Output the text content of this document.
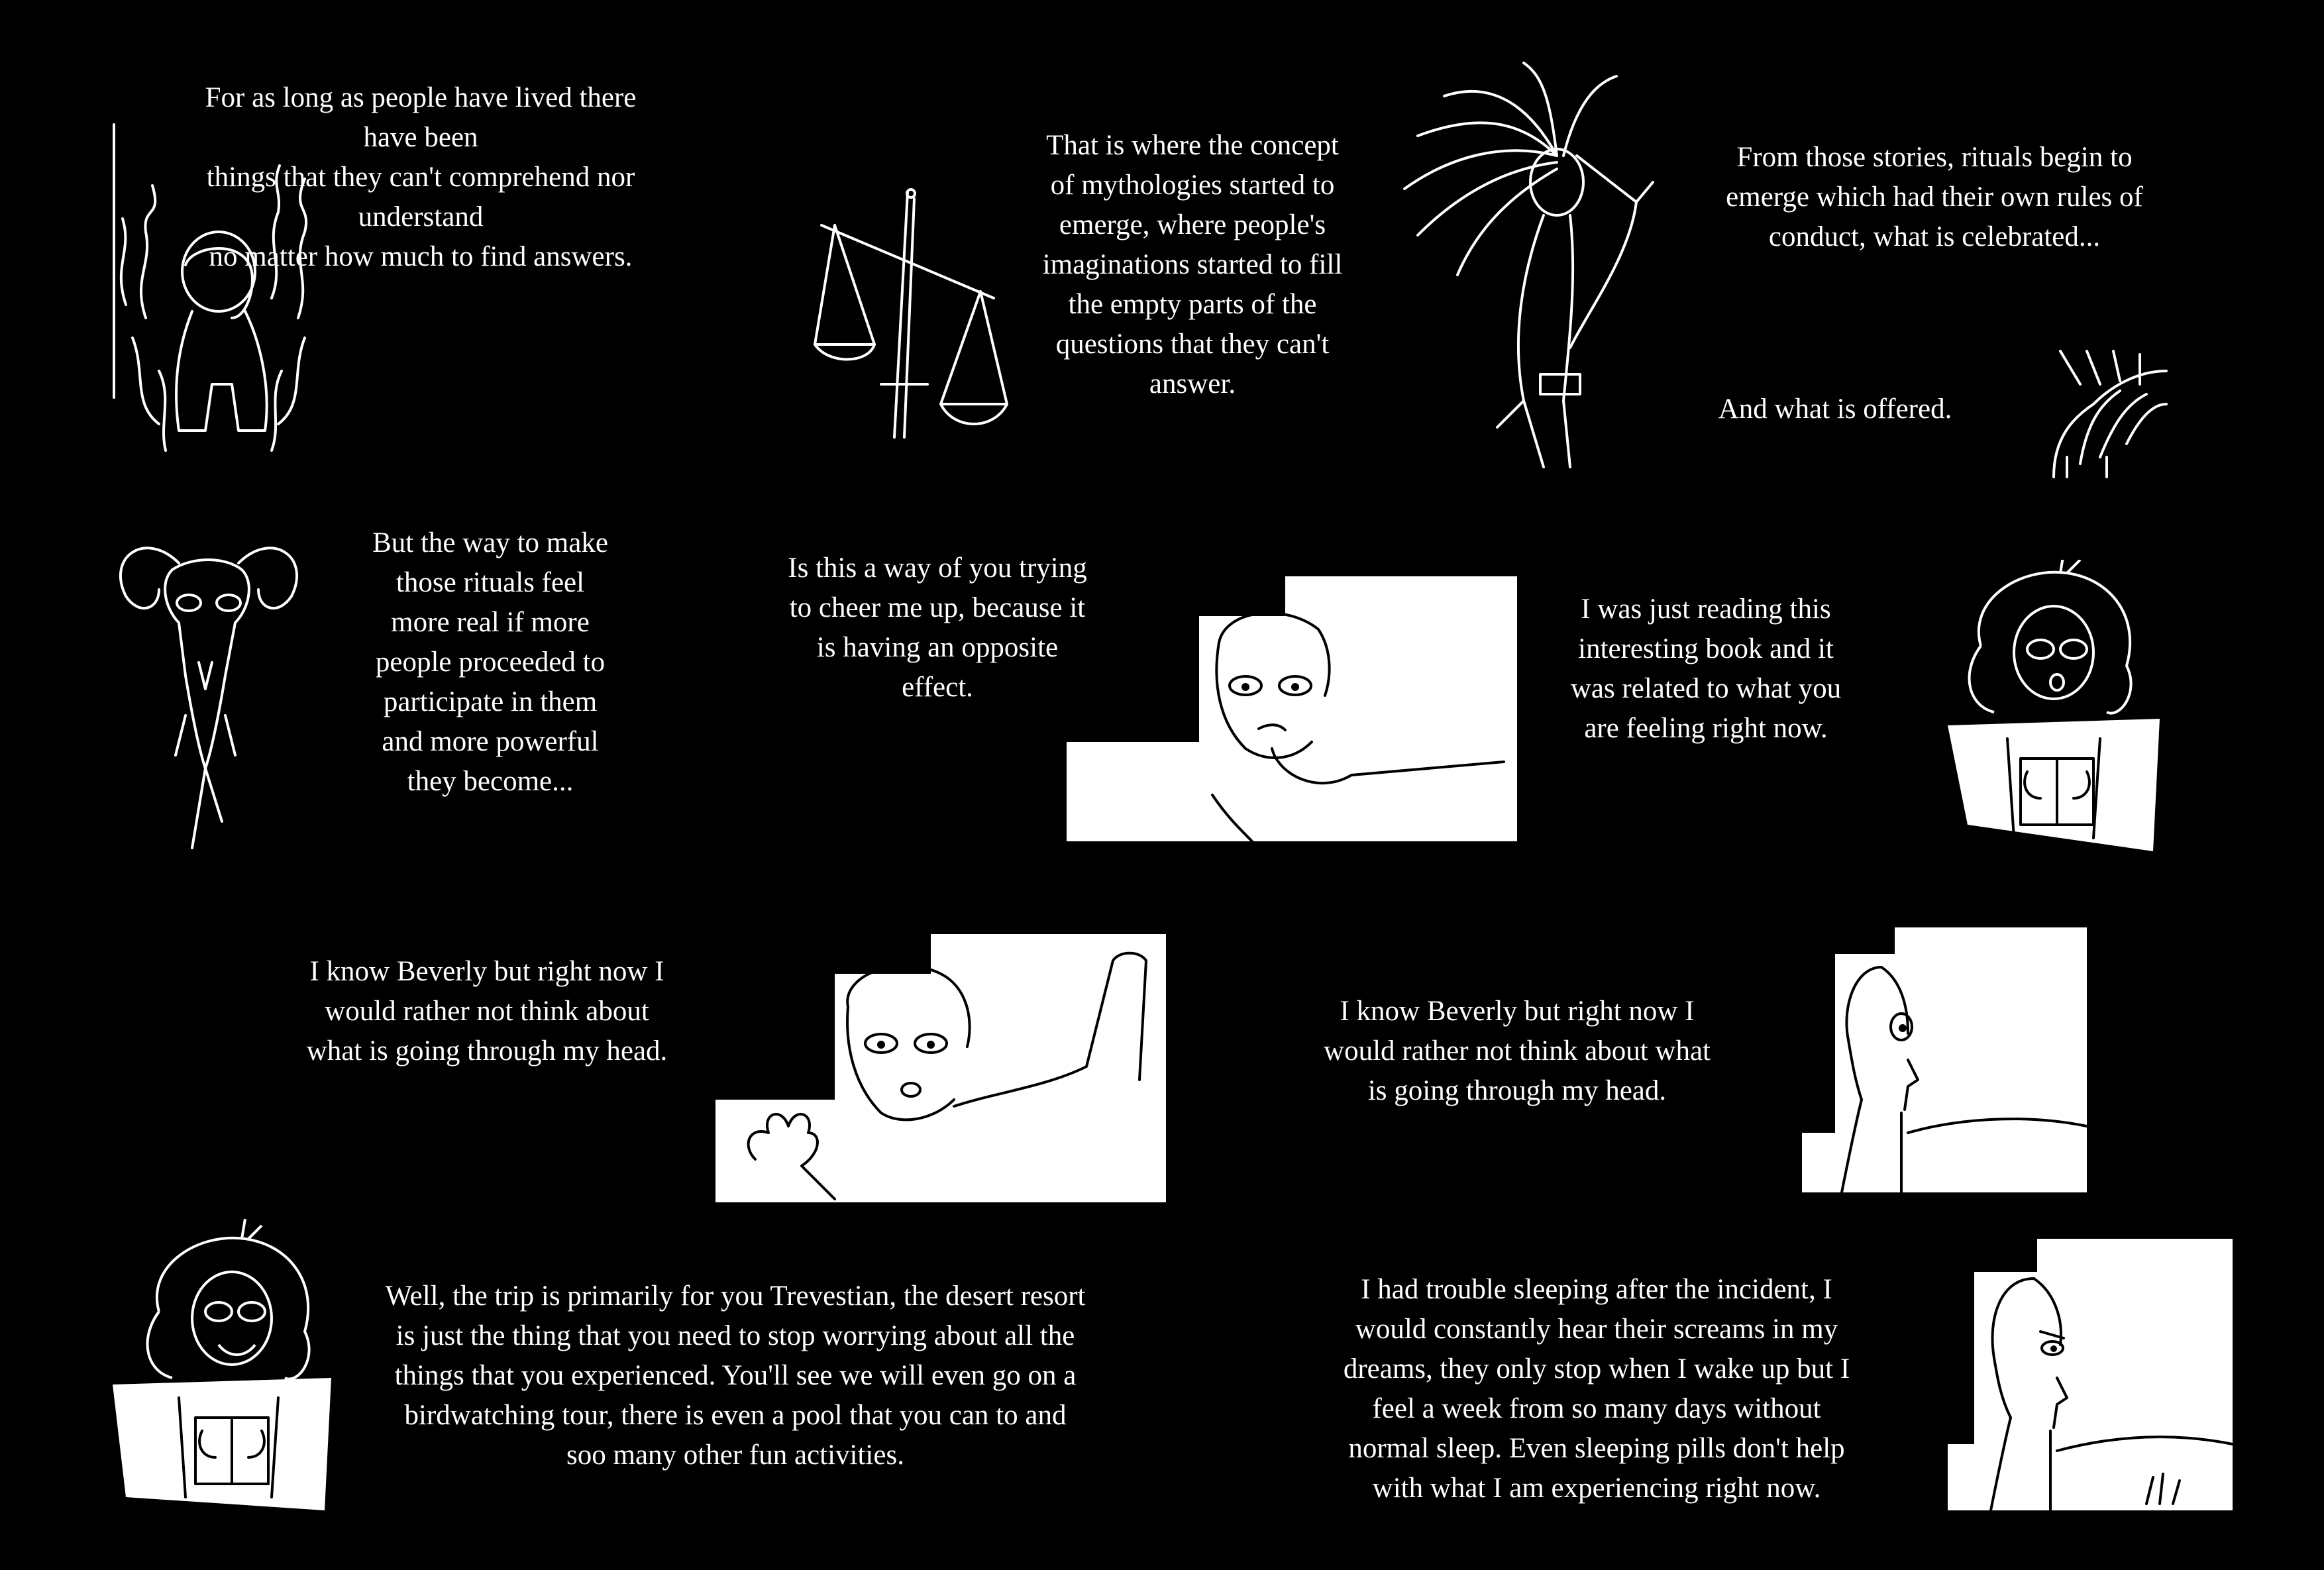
For as long as people have lived there have been
things that they can't comprehend nor understand
no matter how much to find answers.
That is where the concept
of mythologies started to
emerge, where people's
imaginations started to fill
the empty parts of the
questions that they can't
answer.
From those stories, rituals begin to
emerge which had their own rules of
conduct, what is celebrated...
And what is offered.
But the way to make
those rituals feel
more real if more
people proceeded to
participate in them
and more powerful
they become...
Is this a way of you trying
to cheer me up, because it
is having an opposite
effect.
I was just reading this
interesting book and it
was related to what you
are feeling right now.
I know Beverly but right now I
would rather not think about
what is going through my head.
I know Beverly but right now I
would rather not think about what
is going through my head.
Well, the trip is primarily for you Trevestian, the desert resort
is just the thing that you need to stop worrying about all the
things that you experienced. You'll see we will even go on a
birdwatching tour, there is even a pool that you can to and
soo many other fun activities.
I had trouble sleeping after the incident, I
would constantly hear their screams in my
dreams, they only stop when I wake up but I
feel a week from so many days without
normal sleep. Even sleeping pills don't help
with what I am experiencing right now.
